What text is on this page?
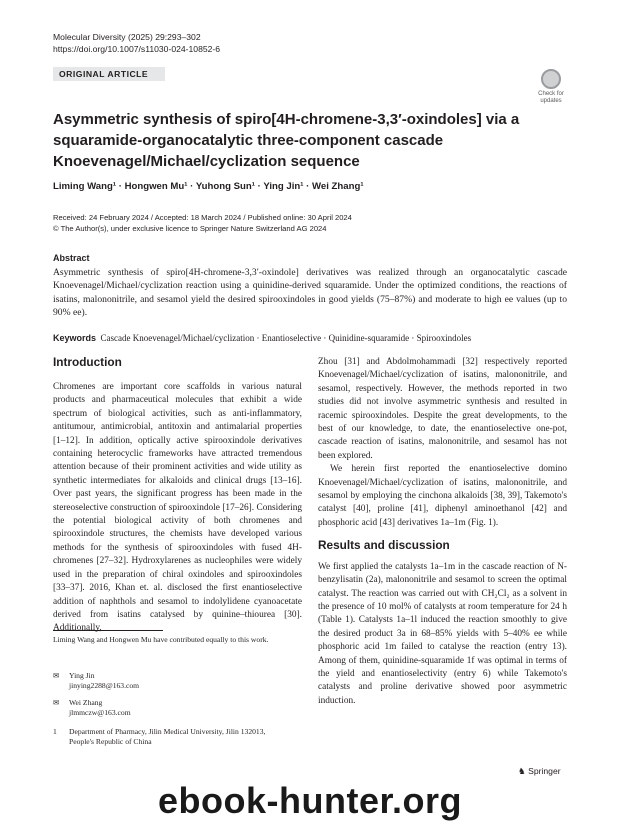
Molecular Diversity (2025) 29:293–302
https://doi.org/10.1007/s11030-024-10852-6
ORIGINAL ARTICLE
Check for
updates
Asymmetric synthesis of spiro[4H-chromene-3,3′-oxindoles] via a squaramide-organocatalytic three-component cascade Knoevenagel/Michael/cyclization sequence
Liming Wang¹ · Hongwen Mu¹ · Yuhong Sun¹ · Ying Jin¹ · Wei Zhang¹
Received: 24 February 2024 / Accepted: 18 March 2024 / Published online: 30 April 2024
© The Author(s), under exclusive licence to Springer Nature Switzerland AG 2024
Abstract
Asymmetric synthesis of spiro[4H-chromene-3,3′-oxindole] derivatives was realized through an organocatalytic cascade Knoevenagel/Michael/cyclization reaction using a quinidine-derived squaramide. Under the optimized conditions, the reactions of isatins, malononitrile, and sesamol yield the desired spirooxindoles in good yields (75–87%) and moderate to high ee values (up to 90% ee).
Keywords Cascade Knoevenagel/Michael/cyclization · Enantioselective · Quinidine-squaramide · Spirooxindoles
Introduction

Chromenes are important core scaffolds in various natural products and pharmaceutical molecules that exhibit a wide spectrum of biological activities, such as anti-inflammatory, antitumour, antimicrobial, antitoxin and antimalarial properties [1–12]. In addition, optically active spirooxindole derivatives containing heterocyclic frameworks have attracted tremendous attention because of their prominent activities and wide utility as synthetic intermediates for alkaloids and clinical drugs [13–16]. Over past years, the significant progress has been made in the stereoselective construction of spirooxindole [17–26]. Considering the potential biological activity of both chromenes and spirooxindole structures, the chemists have developed various methods for the synthesis of spirooxindoles with fused 4H-chromenes [27–32]. Hydroxylarenes as nucleophiles were widely used in the preparation of chiral oxindoles and spirooxindoles [33–37]. 2016, Khan et. al. disclosed the first enantioselective addition of naphthols and sesamol to indolylidene cyanoacetate derived from isatins catalysed by quinine–thiourea [30]. Additionally,

Zhou [31] and Abdolmohammadi [32] respectively reported Knoevenagel/Michael/cyclization of isatins, malononitrile, and sesamol, respectively. However, the methods reported in two studies did not involve asymmetric synthesis and resulted in racemic spirooxindoles. Despite the great developments, to the best of our knowledge, to date, the enantioselective one-pot, cascade reaction of isatins, malononitrile, and sesamol has not been explored.

We herein first reported the enantioselective domino Knoevenagel/Michael/cyclization of isatins, malononitrile, and sesamol by employing the cinchona alkaloids [38, 39], Takemoto's catalyst [40], proline [41], diphenyl aminoethanol [42] and phosphoric acid [43] derivatives 1a–1m (Fig. 1).

Results and discussion

We first applied the catalysts 1a–1m in the cascade reaction of N-benzylisatin (2a), malononitrile and sesamol to screen the optimal catalyst. The reaction was carried out with CH₂Cl₂ as a solvent in the presence of 10 mol% of catalysts at room temperature for 24 h (Table 1). Catalysts 1a–1l induced the reaction smoothly to give the desired product 3a in 68–85% yields with 5–40% ee while phosphoric acid 1m failed to catalyse the reaction (entry 13). Among of them, quinidine-squaramide 1f was optimal in terms of the yield and enantioselectivity (entry 6) while Takemoto's catalysts and proline derivative showed poor asymmetric induction.

Liming Wang and Hongwen Mu have contributed equally to this work.
✉ Ying Jin
jinying2288@163.com
✉ Wei Zhang
jlmmczw@163.com
1 Department of Pharmacy, Jilin Medical University, Jilin 132013, People's Republic of China
♞ Springer
ebook-hunter.org
